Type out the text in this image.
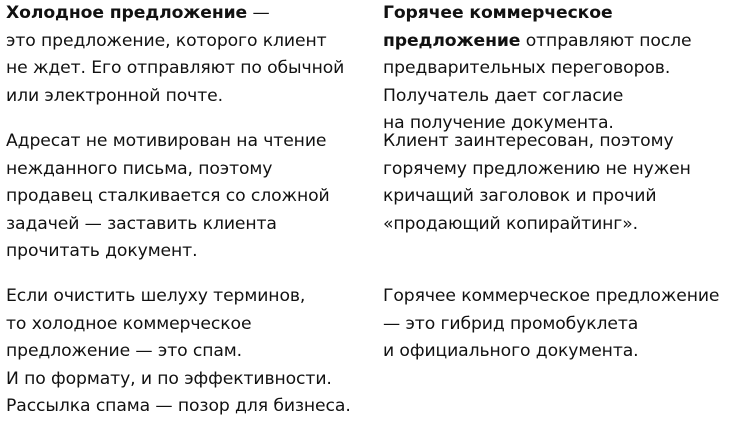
Холодное предложение —
это предложение, которого клиент
не ждет. Его отправляют по обычной
или электронной почте.

Адресат не мотивирован на чтение
нежданного письма, поэтому
продавец сталкивается со сложной
задачей — заставить клиента
прочитать документ.

Если очистить шелуху терминов,
то холодное коммерческое
предложение — это спам.
И по формату, и по эффективности.
Рассылка спама — позор для бизнеса.

Горячее коммерческое
предложение отправляют после
предварительных переговоров.
Получатель дает согласие
на получение документа.

Клиент заинтересован, поэтому
горячему предложению не нужен
кричащий заголовок и прочий
«продающий копирайтинг».

Горячее коммерческое предложение
— это гибрид промобуклета
и официального документа.
